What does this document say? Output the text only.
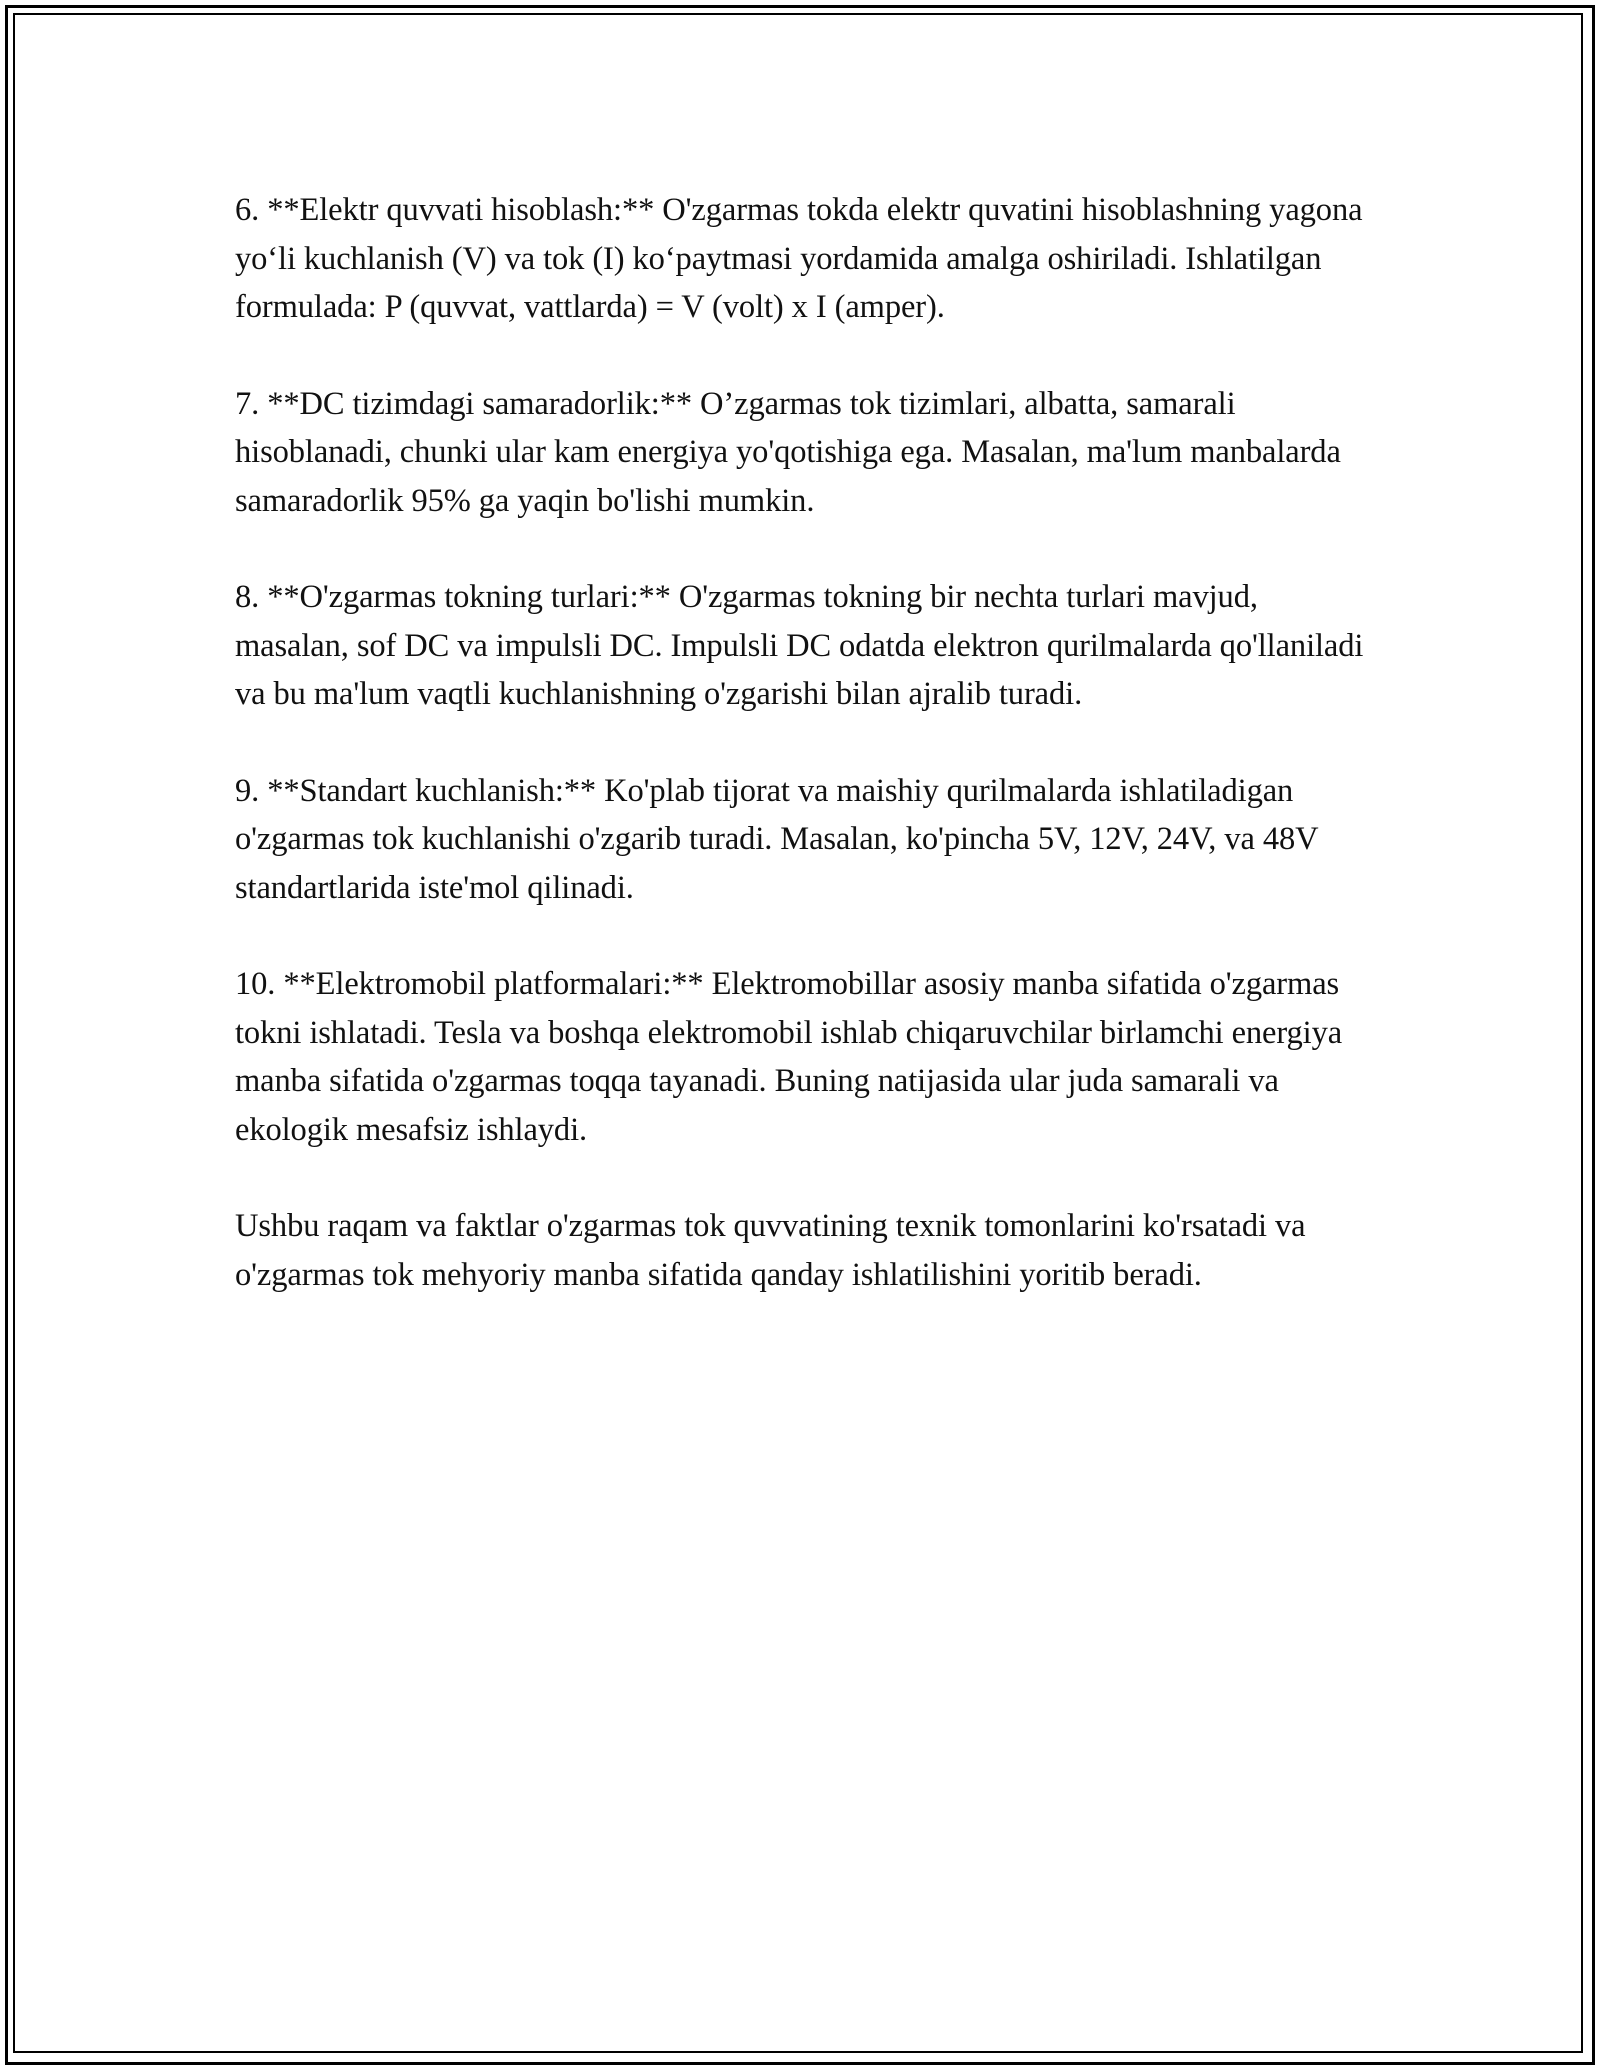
6. **Elektr quvvati hisoblash:** O'zgarmas tokda elektr quvatini hisoblashning yagona yo‘li kuchlanish (V) va tok (I) ko‘paytmasi yordamida amalga oshiriladi. Ishlatilgan formulada: P (quvvat, vattlarda) = V (volt) x I (amper).

7. **DC tizimdagi samaradorlik:** O’zgarmas tok tizimlari, albatta, samarali hisoblanadi, chunki ular kam energiya yo'qotishiga ega. Masalan, ma'lum manbalarda samaradorlik 95% ga yaqin bo'lishi mumkin.

8. **O'zgarmas tokning turlari:** O'zgarmas tokning bir nechta turlari mavjud, masalan, sof DC va impulsli DC. Impulsli DC odatda elektron qurilmalarda qo'llaniladi va bu ma'lum vaqtli kuchlanishning o'zgarishi bilan ajralib turadi.

9. **Standart kuchlanish:** Ko'plab tijorat va maishiy qurilmalarda ishlatiladigan o'zgarmas tok kuchlanishi o'zgarib turadi. Masalan, ko'pincha 5V, 12V, 24V, va 48V standartlarida iste'mol qilinadi.

10. **Elektromobil platformalari:** Elektromobillar asosiy manba sifatida o'zgarmas tokni ishlatadi. Tesla va boshqa elektromobil ishlab chiqaruvchilar birlamchi energiya manba sifatida o'zgarmas toqqa tayanadi. Buning natijasida ular juda samarali va ekologik mesafsiz ishlaydi.

Ushbu raqam va faktlar o'zgarmas tok quvvatining texnik tomonlarini ko'rsatadi va o'zgarmas tok mehyoriy manba sifatida qanday ishlatilishini yoritib beradi.
